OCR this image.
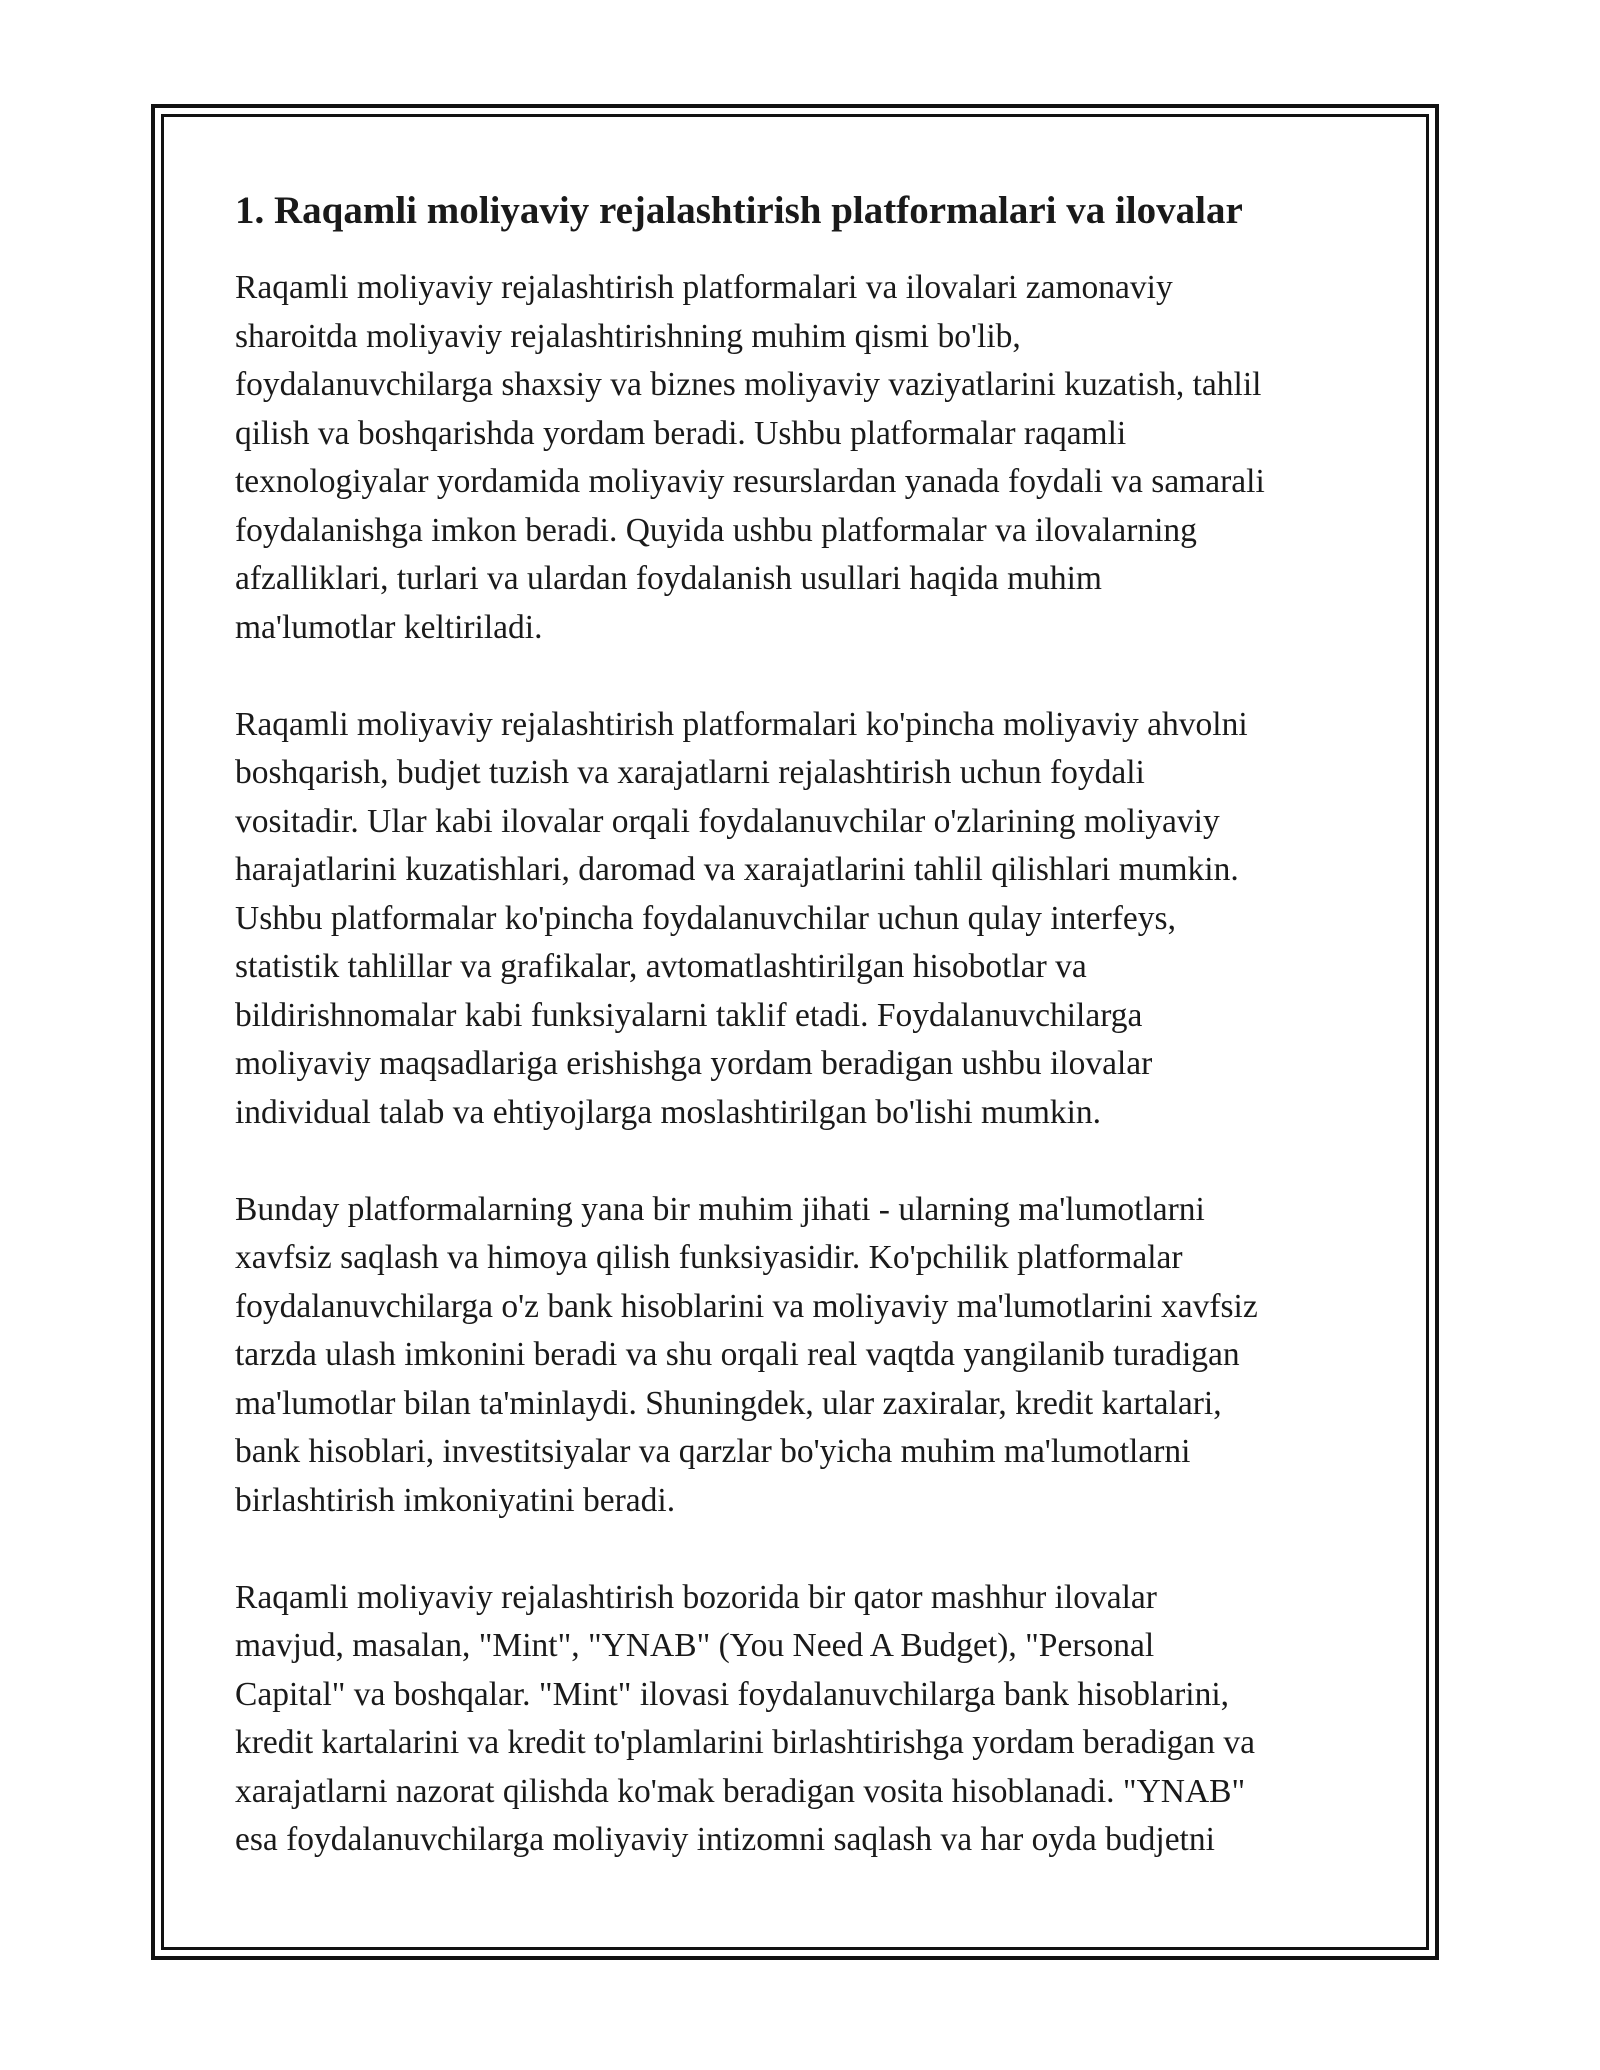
1. Raqamli moliyaviy rejalashtirish platformalari va ilovalar
Raqamli moliyaviy rejalashtirish platformalari va ilovalari zamonaviy
sharoitda moliyaviy rejalashtirishning muhim qismi bo'lib,
foydalanuvchilarga shaxsiy va biznes moliyaviy vaziyatlarini kuzatish, tahlil
qilish va boshqarishda yordam beradi. Ushbu platformalar raqamli
texnologiyalar yordamida moliyaviy resurslardan yanada foydali va samarali
foydalanishga imkon beradi. Quyida ushbu platformalar va ilovalarning
afzalliklari, turlari va ulardan foydalanish usullari haqida muhim
ma'lumotlar keltiriladi.
Raqamli moliyaviy rejalashtirish platformalari ko'pincha moliyaviy ahvolni
boshqarish, budjet tuzish va xarajatlarni rejalashtirish uchun foydali
vositadir. Ular kabi ilovalar orqali foydalanuvchilar o'zlarining moliyaviy
harajatlarini kuzatishlari, daromad va xarajatlarini tahlil qilishlari mumkin.
Ushbu platformalar ko'pincha foydalanuvchilar uchun qulay interfeys,
statistik tahlillar va grafikalar, avtomatlashtirilgan hisobotlar va
bildirishnomalar kabi funksiyalarni taklif etadi. Foydalanuvchilarga
moliyaviy maqsadlariga erishishga yordam beradigan ushbu ilovalar
individual talab va ehtiyojlarga moslashtirilgan bo'lishi mumkin.
Bunday platformalarning yana bir muhim jihati - ularning ma'lumotlarni
xavfsiz saqlash va himoya qilish funksiyasidir. Ko'pchilik platformalar
foydalanuvchilarga o'z bank hisoblarini va moliyaviy ma'lumotlarini xavfsiz
tarzda ulash imkonini beradi va shu orqali real vaqtda yangilanib turadigan
ma'lumotlar bilan ta'minlaydi. Shuningdek, ular zaxiralar, kredit kartalari,
bank hisoblari, investitsiyalar va qarzlar bo'yicha muhim ma'lumotlarni
birlashtirish imkoniyatini beradi.
Raqamli moliyaviy rejalashtirish bozorida bir qator mashhur ilovalar
mavjud, masalan, "Mint", "YNAB" (You Need A Budget), "Personal
Capital" va boshqalar. "Mint" ilovasi foydalanuvchilarga bank hisoblarini,
kredit kartalarini va kredit to'plamlarini birlashtirishga yordam beradigan va
xarajatlarni nazorat qilishda ko'mak beradigan vosita hisoblanadi. "YNAB"
esa foydalanuvchilarga moliyaviy intizomni saqlash va har oyda budjetni
